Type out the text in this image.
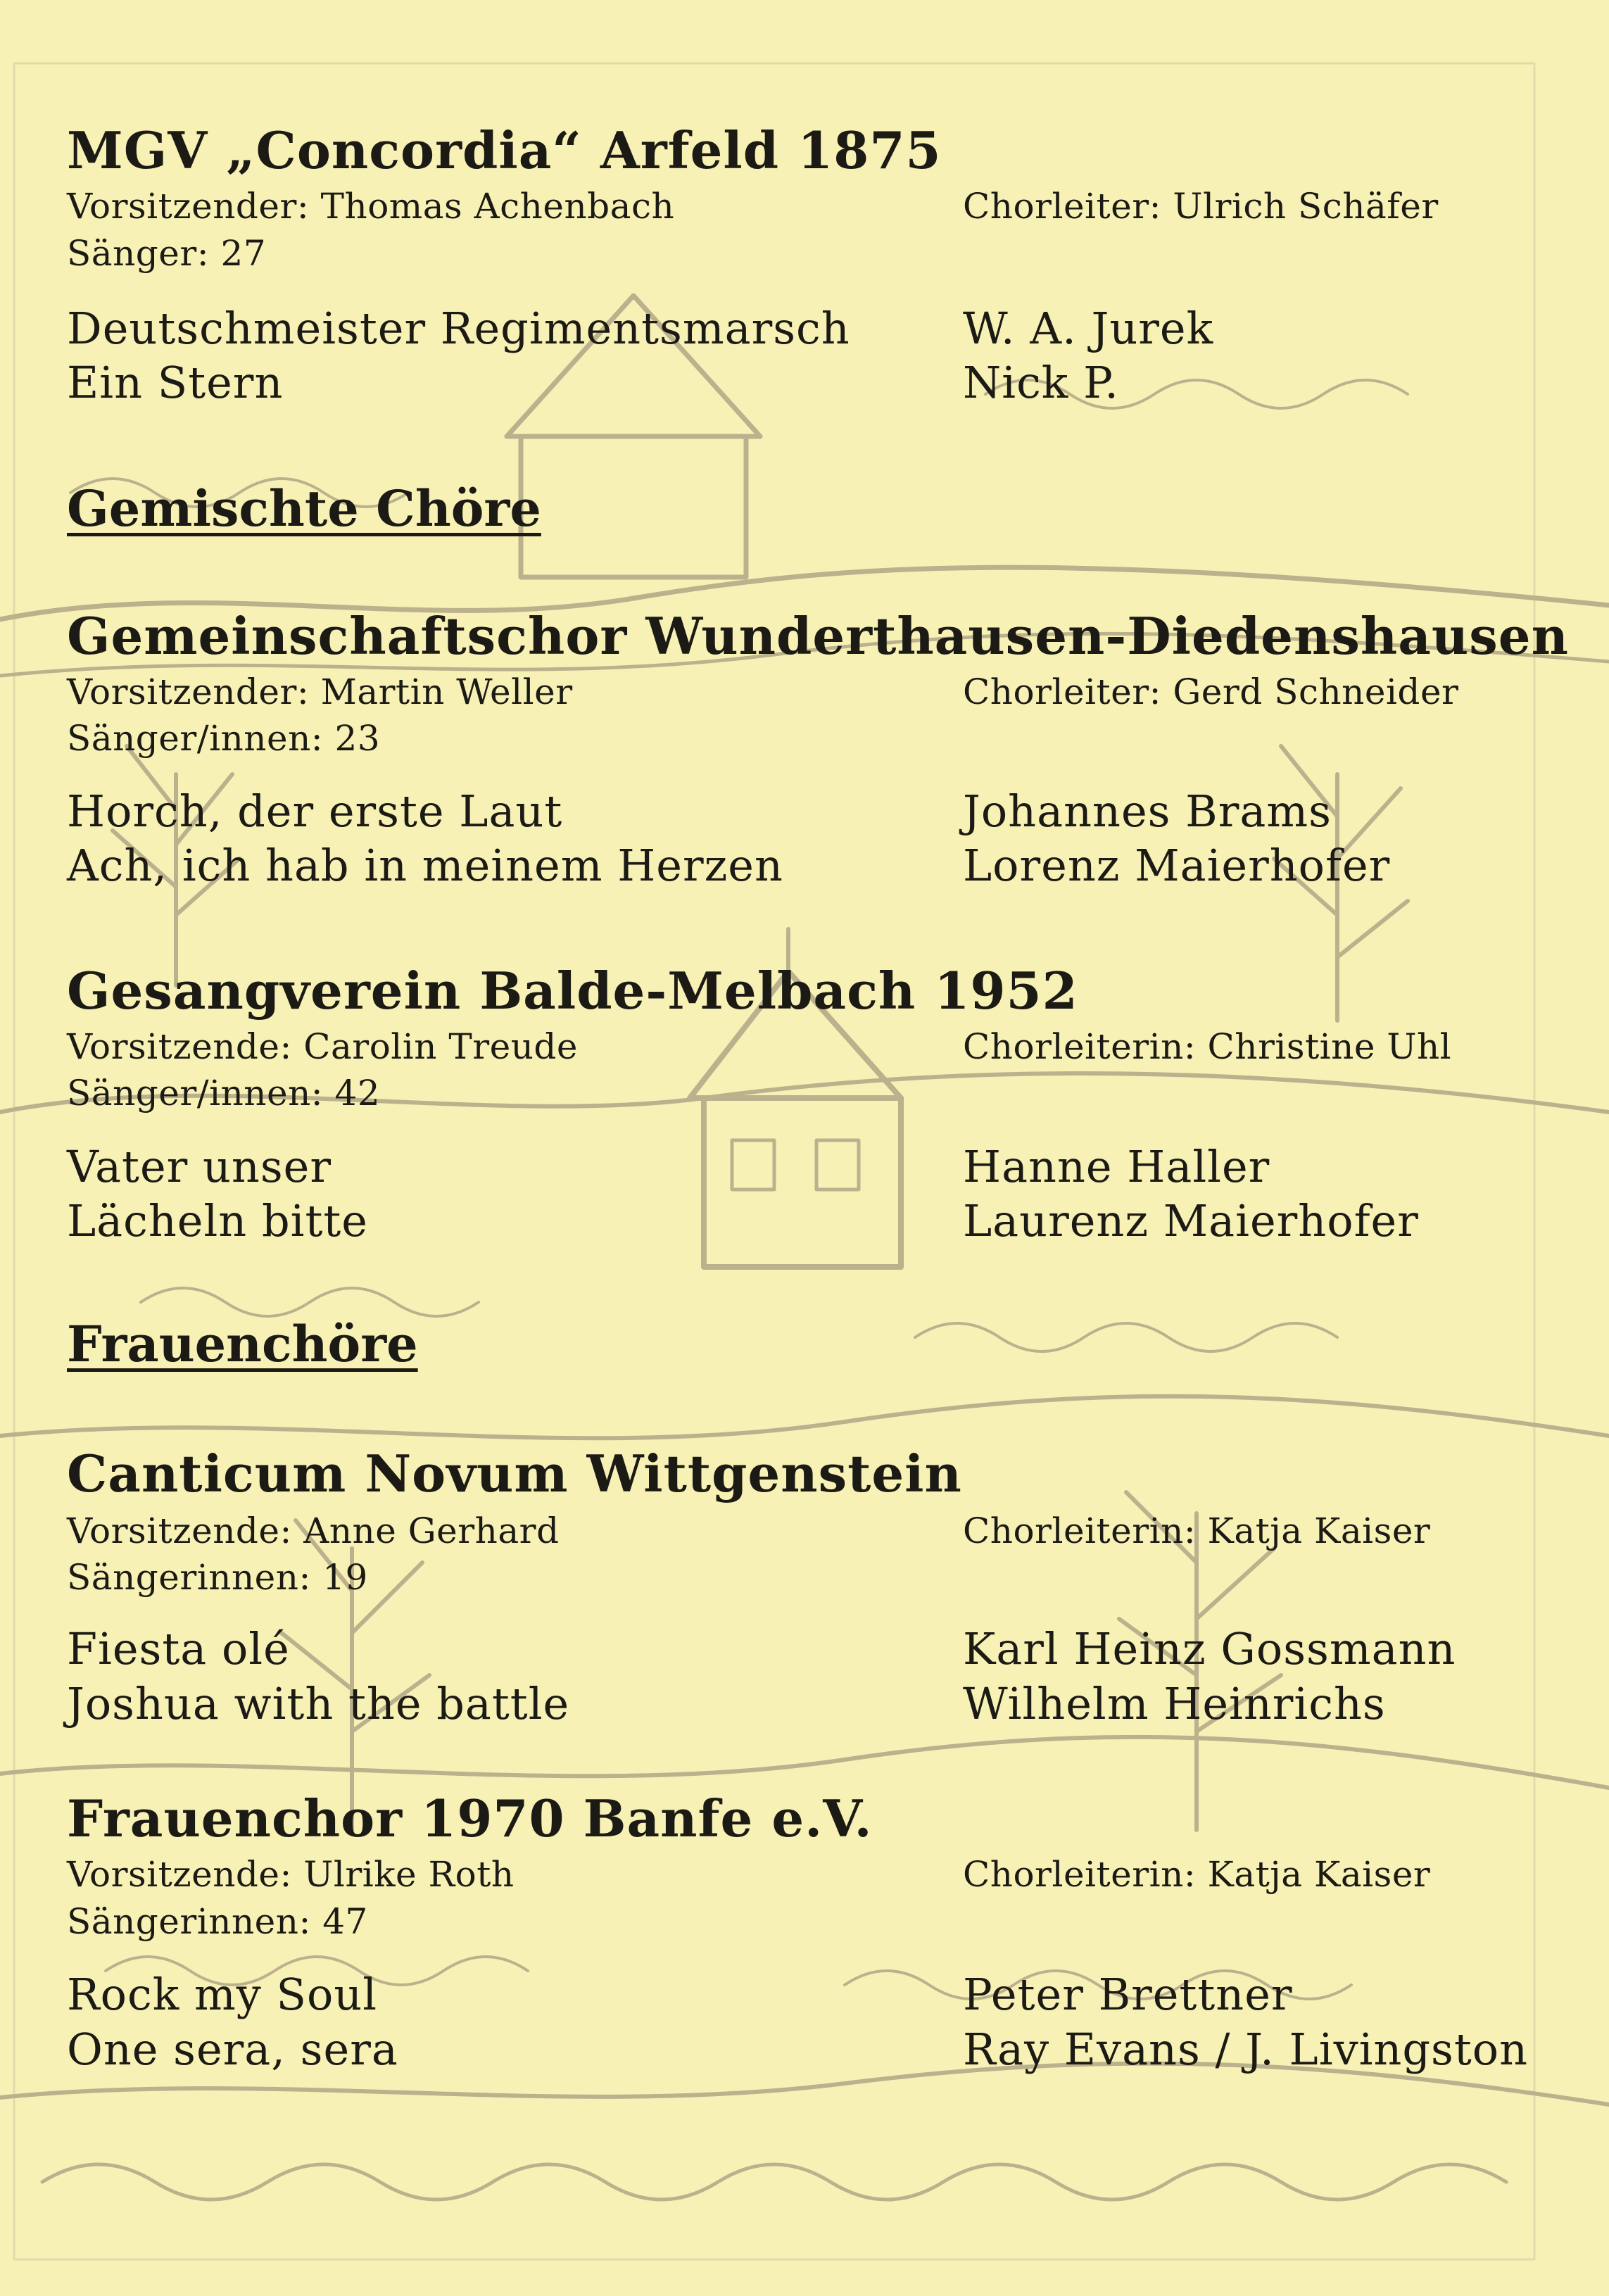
MGV „Concordia“ Arfeld 1875
Vorsitzender: Thomas Achenbach	Chorleiter: Ulrich Schäfer
Sänger: 27
Deutschmeister Regimentsmarsch	W. A. Jurek
Ein Stern	Nick P.
Gemischte Chöre
Gemeinschaftschor Wunderthausen-Diedenshausen
Vorsitzender: Martin Weller	Chorleiter: Gerd Schneider
Sänger/innen: 23
Horch, der erste Laut	Johannes Brams
Ach, ich hab in meinem Herzen	Lorenz Maierhofer
Gesangverein Balde-Melbach 1952
Vorsitzende: Carolin Treude	Chorleiterin: Christine Uhl
Sänger/innen: 42
Vater unser	Hanne Haller
Lächeln bitte	Laurenz Maierhofer
Frauenchöre
Canticum Novum Wittgenstein
Vorsitzende: Anne Gerhard	Chorleiterin: Katja Kaiser
Sängerinnen: 19
Fiesta olé	Karl Heinz Gossmann
Joshua with the battle	Wilhelm Heinrichs
Frauenchor 1970 Banfe e.V.
Vorsitzende: Ulrike Roth	Chorleiterin: Katja Kaiser
Sängerinnen: 47
Rock my Soul	Peter Brettner
One sera, sera	Ray Evans / J. Livingston
